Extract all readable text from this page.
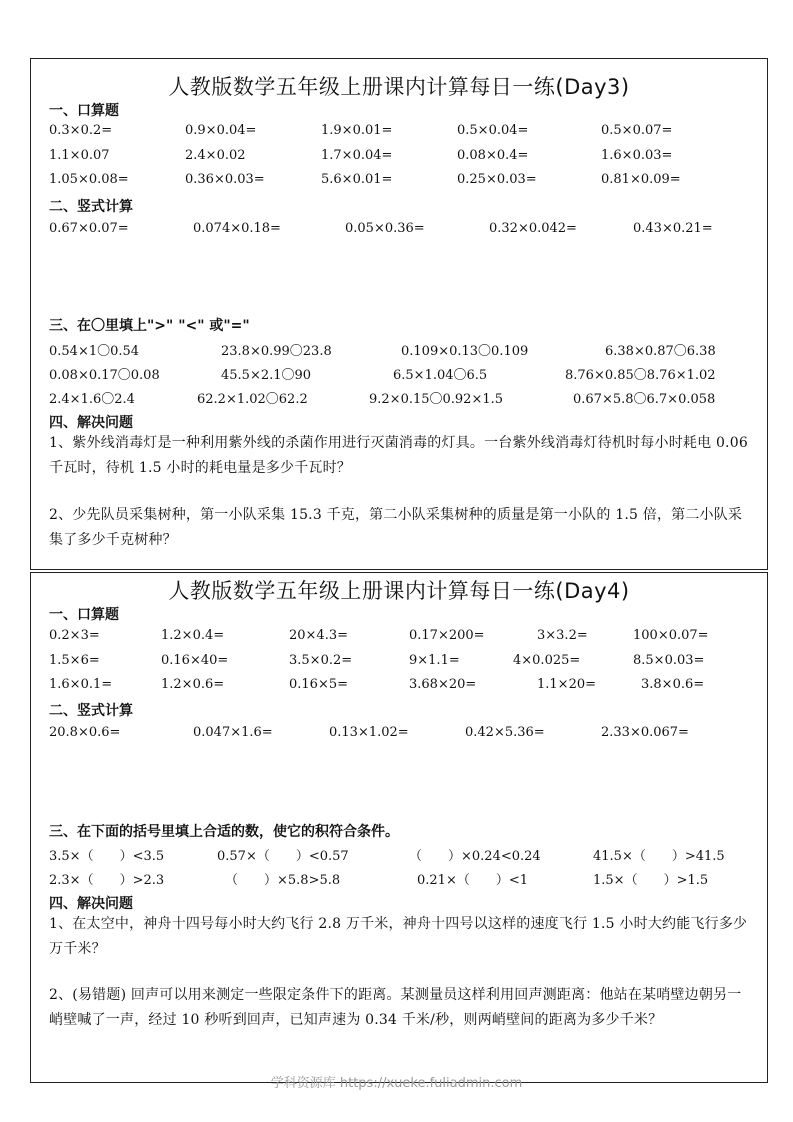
人教版数学五年级上册课内计算每日一练(Day3)
一、口算题
0.3×0.2=	0.9×0.04=	1.9×0.01=	0.5×0.04=	0.5×0.07=
1.1×0.07	2.4×0.02	1.7×0.04=	0.08×0.4=	1.6×0.03=
1.05×0.08=	0.36×0.03=	5.6×0.01=	0.25×0.03=	0.81×0.09=
二、竖式计算
0.67×0.07=	0.074×0.18=	0.05×0.36=	0.32×0.042=	0.43×0.21=
三、在〇里填上">" "<" 或"="
0.54×1〇0.54	23.8×0.99〇23.8	0.109×0.13〇0.109	6.38×0.87〇6.38
0.08×0.17〇0.08	45.5×2.1〇90	6.5×1.04〇6.5	8.76×0.85〇8.76×1.02
2.4×1.6〇2.4	62.2×1.02〇62.2	9.2×0.15〇0.92×1.5	0.67×5.8〇6.7×0.058
四、解决问题
1、紫外线消毒灯是一种利用紫外线的杀菌作用进行灭菌消毒的灯具。一台紫外线消毒灯待机时每小时耗电 0.06 千瓦时，待机 1.5 小时的耗电量是多少千瓦时？
2、少先队员采集树种，第一小队采集 15.3 千克，第二小队采集树种的质量是第一小队的 1.5 倍，第二小队采集了多少千克树种？
人教版数学五年级上册课内计算每日一练(Day4)
一、口算题
0.2×3=	1.2×0.4=	20×4.3=	0.17×200=	3×3.2=	100×0.07=
1.5×6=	0.16×40=	3.5×0.2=	9×1.1=	4×0.025=	8.5×0.03=
1.6×0.1=	1.2×0.6=	0.16×5=	3.68×20=	1.1×20=	3.8×0.6=
二、竖式计算
20.8×0.6=	0.047×1.6=	0.13×1.02=	0.42×5.36=	2.33×0.067=
三、在下面的括号里填上合适的数，使它的积符合条件。
3.5×（　　）<3.5	0.57×（　　）<0.57	（　　）×0.24<0.24	41.5×（　　）>41.5
2.3×（　　）>2.3	（　　）×5.8>5.8	0.21×（　　）<1	1.5×（　　）>1.5
四、解决问题
1、在太空中，神舟十四号每小时大约飞行 2.8 万千米，神舟十四号以这样的速度飞行 1.5 小时大约能飞行多少万千米？
2、(易错题) 回声可以用来测定一些限定条件下的距离。某测量员这样利用回声测距离：他站在某哨壁边朝另一峭壁喊了一声，经过 10 秒听到回声，已知声速为 0.34 千米/秒，则两峭壁间的距离为多少千米？
学科资源库 https://xueke.fuliadmin.com
